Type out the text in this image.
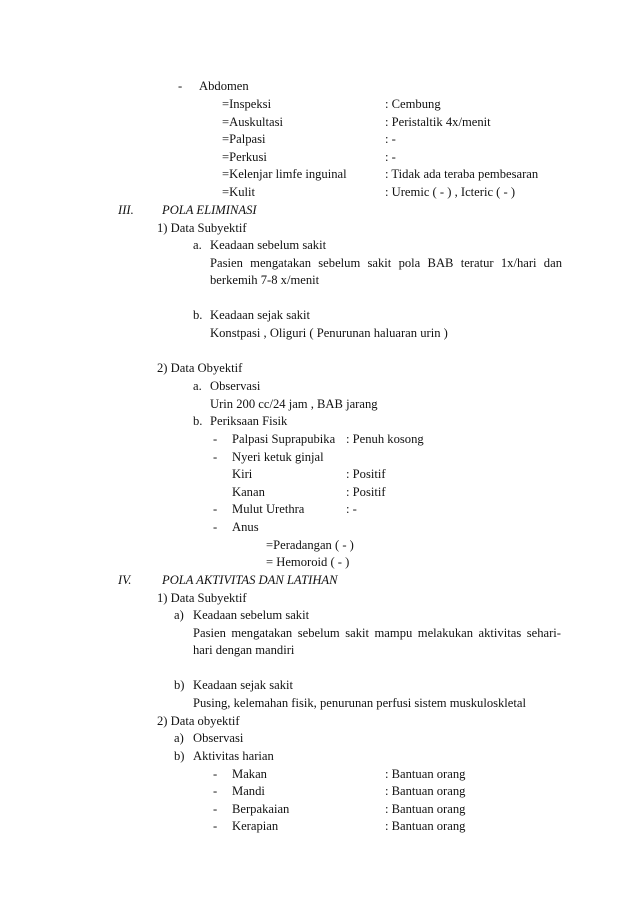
- Abdomen
=Inspeksi	: Cembung
=Auskultasi	: Peristaltik 4x/menit
=Palpasi	: -
=Perkusi	: -
=Kelenjar limfe inguinal	: Tidak ada teraba pembesaran
=Kulit	: Uremic ( - ) , Icteric ( - )
III. POLA ELIMINASI
1) Data Subyektif
a. Keadaan sebelum sakit
Pasien mengatakan sebelum sakit pola BAB teratur 1x/hari dan
berkemih 7-8 x/menit
b. Keadaan sejak sakit
Konstpasi , Oliguri ( Penurunan haluaran urin )
2) Data Obyektif
a. Observasi
Urin 200 cc/24 jam , BAB jarang
b. Periksaan Fisik
- Palpasi Suprapubika : Penuh kosong
- Nyeri ketuk ginjal
Kiri	: Positif
Kanan	: Positif
- Mulut Urethra	: -
- Anus
=Peradangan ( - )
= Hemoroid ( - )
IV. POLA AKTIVITAS DAN LATIHAN
1) Data Subyektif
a) Keadaan sebelum sakit
Pasien mengatakan sebelum sakit mampu melakukan aktivitas sehari-
hari dengan mandiri
b) Keadaan sejak sakit
Pusing, kelemahan fisik, penurunan perfusi sistem muskuloskletal
2) Data obyektif
a) Observasi
b) Aktivitas harian
- Makan	: Bantuan orang
- Mandi	: Bantuan orang
- Berpakaian	: Bantuan orang
- Kerapian	: Bantuan orang
